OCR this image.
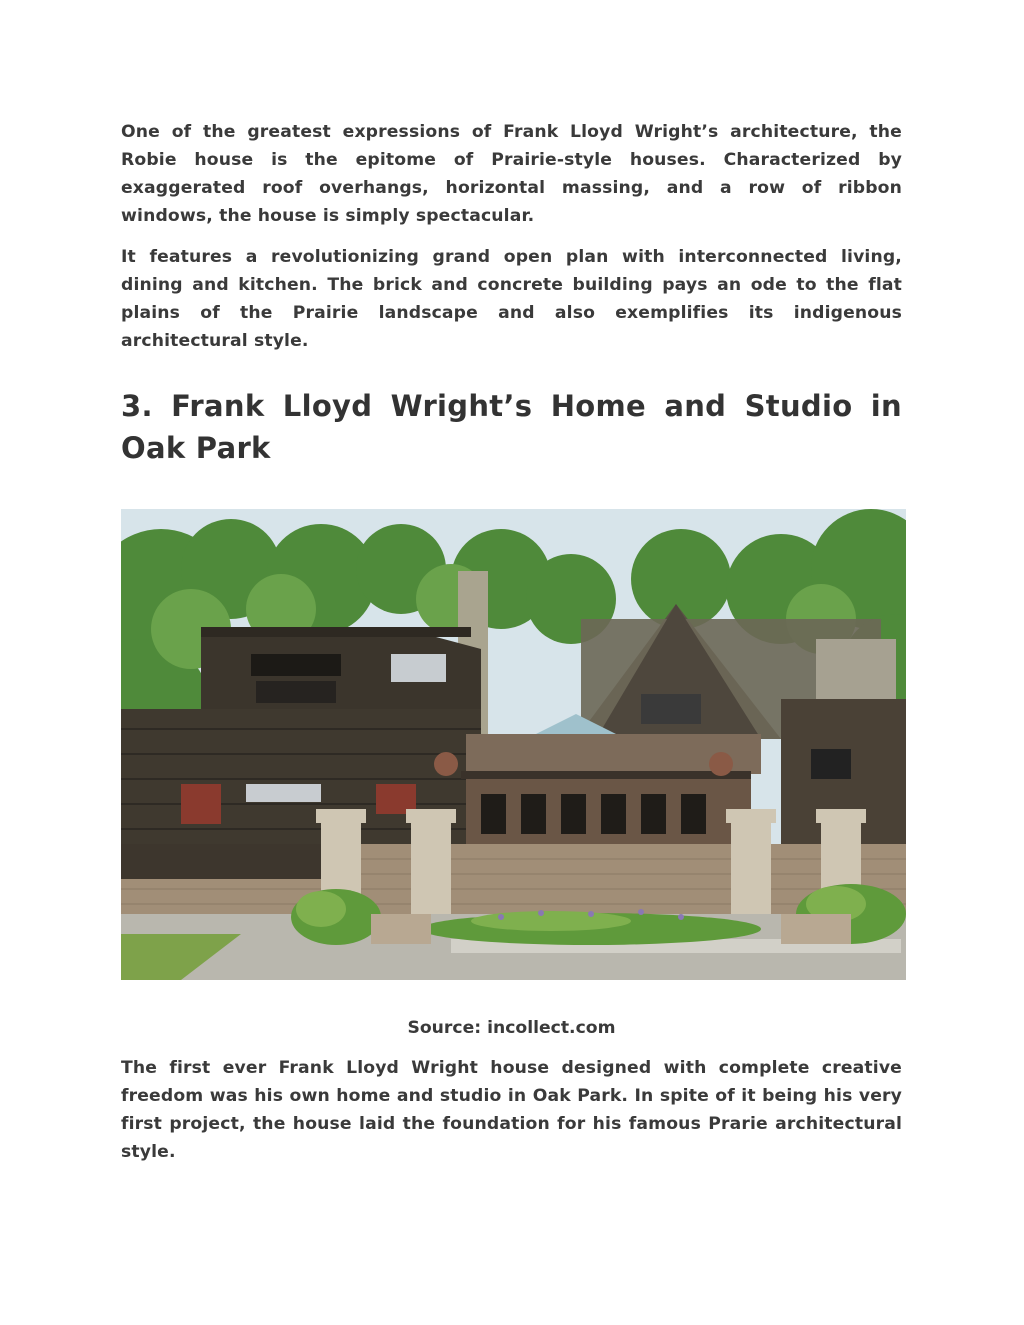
One of the greatest expressions of Frank Lloyd Wright’s architecture, the Robie house is the epitome of Prairie-style houses. Characterized by exaggerated roof overhangs, horizontal massing, and a row of ribbon windows, the house is simply spectacular.

It features a revolutionizing grand open plan with interconnected living, dining and kitchen. The brick and concrete building pays an ode to the flat plains of the Prairie landscape and also exemplifies its indigenous architectural style.

3. Frank Lloyd Wright’s Home and Studio in Oak Park
Source: incollect.com

The first ever Frank Lloyd Wright house designed with complete creative freedom was his own home and studio in Oak Park. In spite of it being his very first project, the house laid the foundation for his famous Prarie architectural style.
